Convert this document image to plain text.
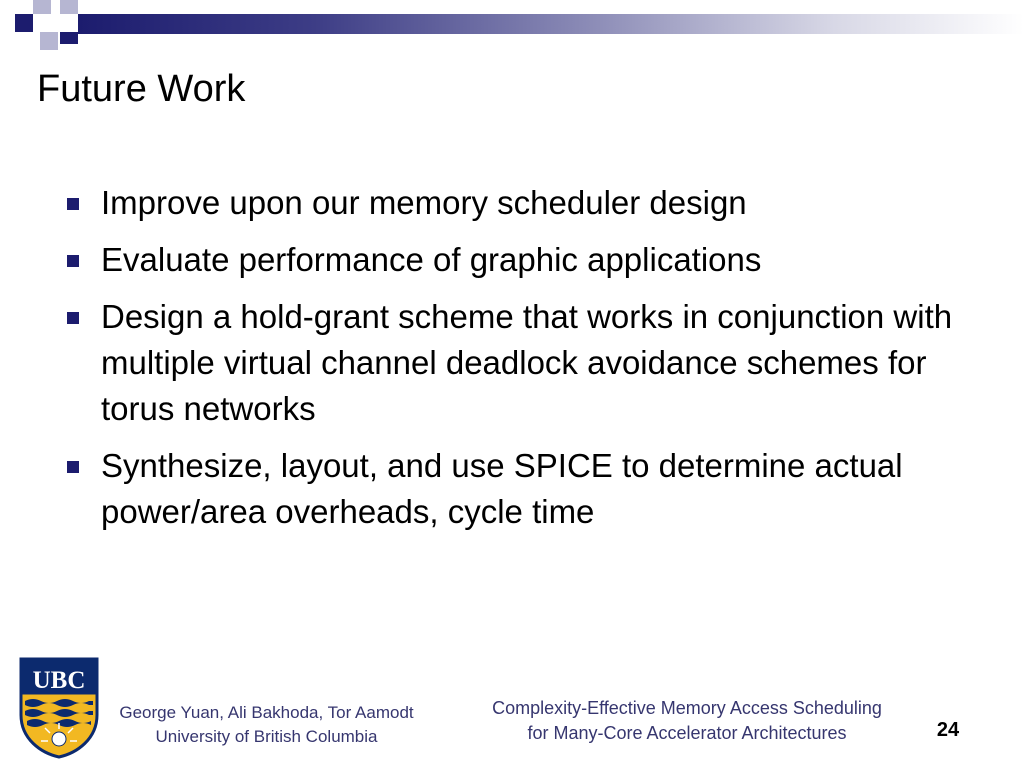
Future Work
Improve upon our memory scheduler design
Evaluate performance of graphic applications
Design a hold-grant scheme that works in conjunction with multiple virtual channel deadlock avoidance schemes for torus networks
Synthesize, layout, and use SPICE to determine actual power/area overheads, cycle time
UBC
George Yuan, Ali Bakhoda, Tor Aamodt
University of British Columbia
Complexity-Effective Memory Access Scheduling
for Many-Core Accelerator Architectures	24
